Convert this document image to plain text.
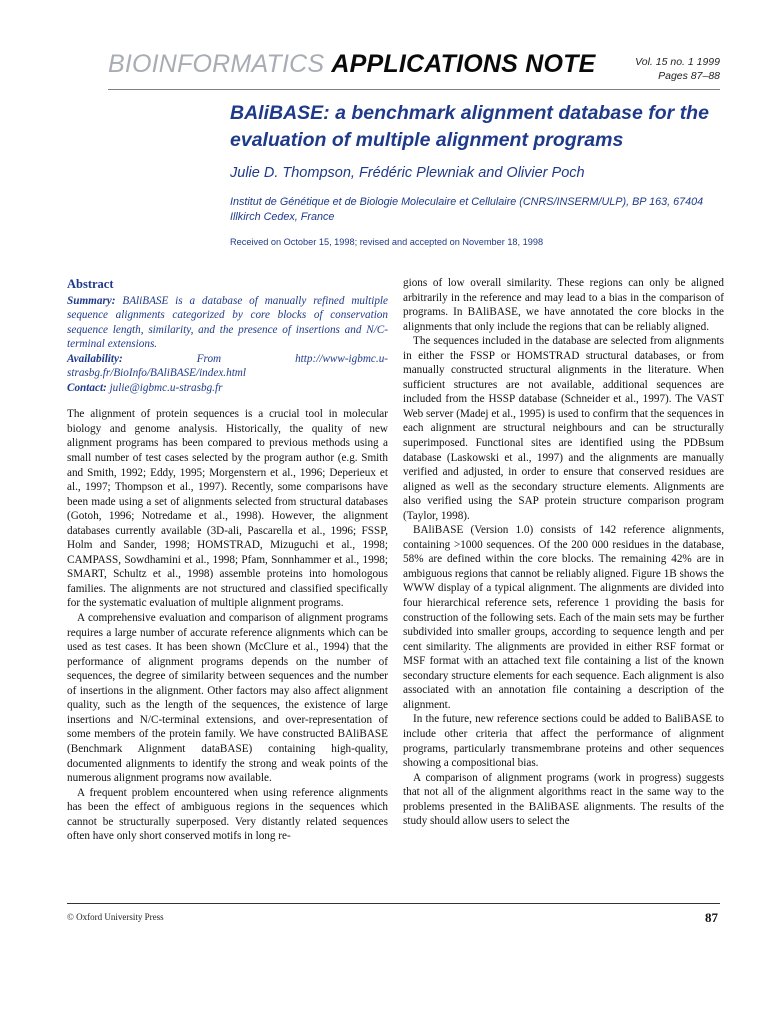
BIOINFORMATICS APPLICATIONS NOTE	Vol. 15 no. 1 1999
Pages 87–88
BAliBASE: a benchmark alignment database for the evaluation of multiple alignment programs
Julie D. Thompson, Frédéric Plewniak and Olivier Poch
Institut de Génétique et de Biologie Moleculaire et Cellulaire (CNRS/INSERM/ULP), BP 163, 67404 Illkirch Cedex, France
Received on October 15, 1998; revised and accepted on November 18, 1998
Abstract

Summary: BAliBASE is a database of manually refined multiple sequence alignments categorized by core blocks of conservation sequence length, similarity, and the presence of insertions and N/C-terminal extensions.

Availability:	From http://www-igbmc.u-strasbg.fr/BioInfo/BAliBASE/index.html

Contact: julie@igbmc.u-strasbg.fr

The alignment of protein sequences is a crucial tool in molecular biology and genome analysis. Historically, the quality of new alignment programs has been compared to previous methods using a small number of test cases selected by the program author (e.g. Smith and Smith, 1992; Eddy, 1995; Morgenstern et al., 1996; Deperieux et al., 1997; Thompson et al., 1997). Recently, some comparisons have been made using a set of alignments selected from structural databases (Gotoh, 1996; Notredame et al., 1998). However, the alignment databases currently available (3D-ali, Pascarella et al., 1996; FSSP, Holm and Sander, 1998; HOMSTRAD, Mizuguchi et al., 1998; CAMPASS, Sowdhamini et al., 1998; Pfam, Sonnhammer et al., 1998; SMART, Schultz et al., 1998) assemble proteins into homologous families. The alignments are not structured and classified specifically for the systematic evaluation of multiple alignment programs.

A comprehensive evaluation and comparison of alignment programs requires a large number of accurate reference alignments which can be used as test cases. It has been shown (McClure et al., 1994) that the performance of alignment programs depends on the number of sequences, the degree of similarity between sequences and the number of insertions in the alignment. Other factors may also affect alignment quality, such as the length of the sequences, the existence of large insertions and N/C-terminal extensions, and over-representation of some members of the protein family. We have constructed BAliBASE (Benchmark Alignment dataBASE) containing high-quality, documented alignments to identify the strong and weak points of the numerous alignment programs now available.

A frequent problem encountered when using reference alignments has been the effect of ambiguous regions in the sequences which cannot be structurally superposed. Very distantly related sequences often have only short conserved motifs in long re-

gions of low overall similarity. These regions can only be aligned arbitrarily in the reference and may lead to a bias in the comparison of programs. In BAliBASE, we have annotated the core blocks in the alignments that only include the regions that can be reliably aligned.

The sequences included in the database are selected from alignments in either the FSSP or HOMSTRAD structural databases, or from manually constructed structural alignments in the literature. When sufficient structures are not available, additional sequences are included from the HSSP database (Schneider et al., 1997). The VAST Web server (Madej et al., 1995) is used to confirm that the sequences in each alignment are structural neighbours and can be structurally superimposed. Functional sites are identified using the PDBsum database (Laskowski et al., 1997) and the alignments are manually verified and adjusted, in order to ensure that conserved residues are aligned as well as the secondary structure elements. Alignments are also verified using the SAP protein structure comparison program (Taylor, 1998).

BAliBASE (Version 1.0) consists of 142 reference alignments, containing >1000 sequences. Of the 200 000 residues in the database, 58% are defined within the core blocks. The remaining 42% are in ambiguous regions that cannot be reliably aligned. Figure 1B shows the WWW display of a typical alignment. The alignments are divided into four hierarchical reference sets, reference 1 providing the basis for construction of the following sets. Each of the main sets may be further subdivided into smaller groups, according to sequence length and per cent similarity. The alignments are provided in either RSF format or MSF format with an attached text file containing a list of the known secondary structure elements for each sequence. Each alignment is also associated with an annotation file containing a description of the alignment.

In the future, new reference sections could be added to BaliBASE to include other criteria that affect the performance of alignment programs, particularly transmembrane proteins and other sequences showing a compositional bias.

A comparison of alignment programs (work in progress) suggests that not all of the alignment algorithms react in the same way to the problems presented in the BAliBASE alignments. The results of the study should allow users to select the

© Oxford University Press	87
